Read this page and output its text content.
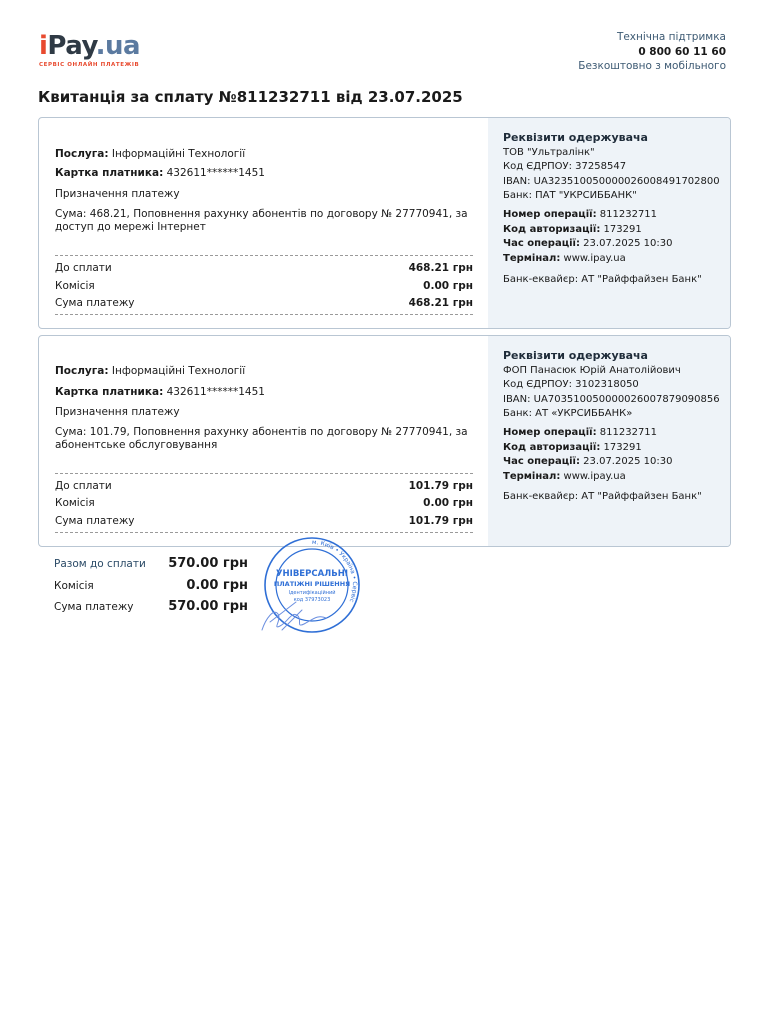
iPay.ua
СЕРВІС ОНЛАЙН ПЛАТЕЖІВ
Технічна підтримка
0 800 60 11 60
Безкоштовно з мобільного
Квитанція за сплату №811232711 від 23.07.2025
Послуга: Інформаційні Технології
Картка платника: 432611******1451
Призначення платежу
Сума: 468.21, Поповнення рахунку абонентів по договору № 27770941, за
доступ до мережі Інтернет
До сплати	468.21 грн
Комісія	0.00 грн
Сума платежу	468.21 грн
Реквізити одержувача
ТОВ "Ультралінк"
Код ЄДРПОУ: 37258547
IBAN: UA323510050000026008491702800
Банк: ПАТ "УКРСИББАНК"
Номер операції: 811232711
Код авторизації: 173291
Час операції: 23.07.2025 10:30
Термінал: www.ipay.ua
Банк-еквайєр: АТ "Райффайзен Банк"
Послуга: Інформаційні Технології
Картка платника: 432611******1451
Призначення платежу
Сума: 101.79, Поповнення рахунку абонентів по договору № 27770941, за
абонентське обслуговування
До сплати	101.79 грн
Комісія	0.00 грн
Сума платежу	101.79 грн
Реквізити одержувача
ФОП Панасюк Юрій Анатолійович
Код ЄДРПОУ: 3102318050
IBAN: UA703510050000026007879090856
Банк: АТ «УКРСИББАНК»
Номер операції: 811232711
Код авторизації: 173291
Час операції: 23.07.2025 10:30
Термінал: www.ipay.ua
Банк-еквайєр: АТ "Райффайзен Банк"
Разом до сплати 570.00 грн
Комісія	0.00 грн
Сума платежу	570.00 грн
м. Київ • Україна • Сервіс
УНІВЕРСАЛЬНІ
ПЛАТІЖНІ РІШЕННЯ
Ідентифікаційний
код 37973023
